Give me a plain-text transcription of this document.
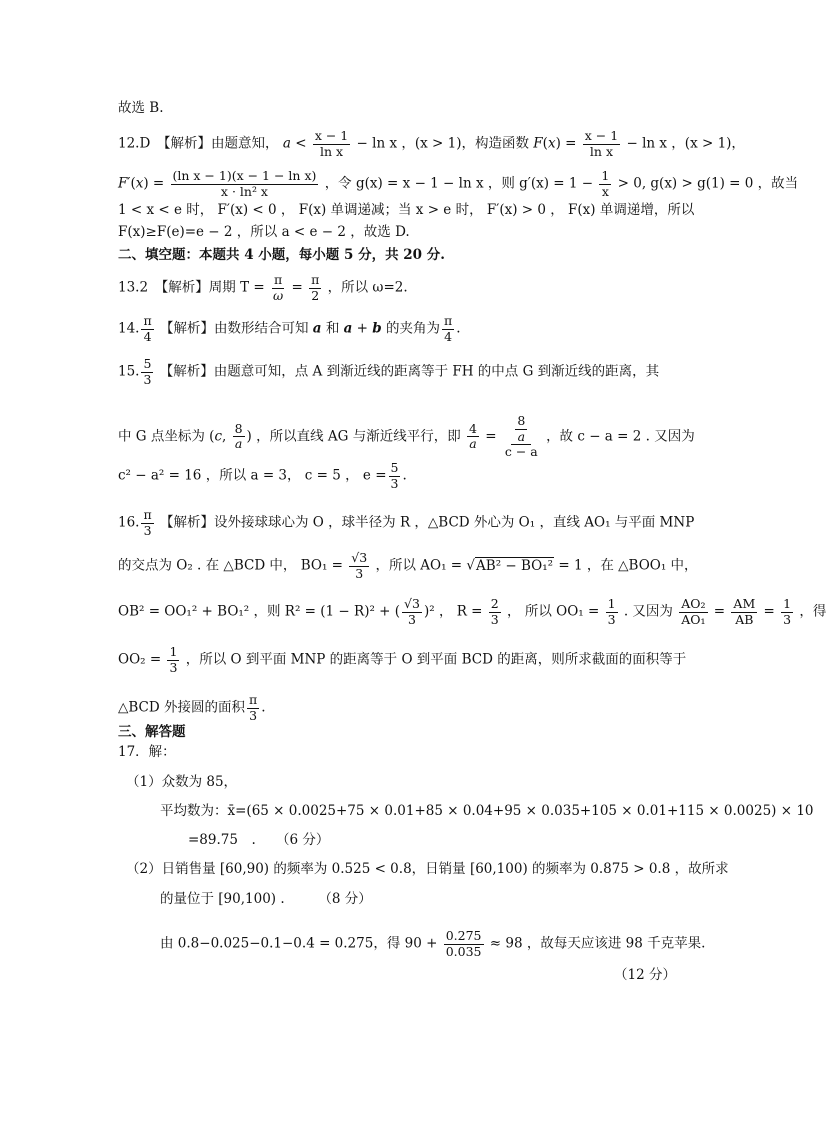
故选 B.
12.D　【解析】由题意知， $a < \frac{x - 1}{\text{ln x}} - \ln x$ ，(x > 1)，构造函数 $F(x) = \frac{x - 1}{\text{ln x}} - \ln x$ ，(x > 1)，
$F'(x) = \frac{\text{(ln x − 1)(x − 1 − ln x)}}{\text{x · ln² x}}$ ，令 g(x) = x − 1 − ln x ，则 $g'(x) = 1 - \frac{1}{x} > 0$, g(x) > g(1) = 0 ，故当
1 < x < e 时， F′(x) < 0 ， F(x) 单调递减；当 x > e 时， F′(x) > 0 ， F(x) 单调递增，所以
F(x)≥F(e)=e − 2 ，所以 a < e − 2 ，故选 D.
二、填空题：本题共 4 小题，每小题 5 分，共 20 分.
13.2　【解析】周期 $T = \frac{\pi}{\omega} = \frac{\pi}{2}$ ，所以 ω=2.
14. $\frac{\pi}{4}$ 【解析】由数形结合可知 a 和 a + b 的夹角为 $\frac{\pi}{4}$ .
15. $\frac{5}{3}$ 【解析】由题意可知，点 A 到渐近线的距离等于 FH 的中点 G 到渐近线的距离，其
中 G 点坐标为 (c, $\frac{8}{a}$ ) ，所以直线 AG 与渐近线平行，即 $\frac{4}{a} = \frac{\frac{8}{a}}{c - a}$ ，故 c − a = 2 . 又因为
c² − a² = 16 ，所以 a = 3， c = 5 ， $e = \frac{5}{3}$ .
16. $\frac{\pi}{3}$ 【解析】设外接球球心为 O ，球半径为 R ，△BCD 外心为 O₁ ，直线 AO₁ 与平面 MNP
的交点为 O₂ . 在 △BCD 中， $BO_1 = \frac{√3}{3}$ ，所以 AO₁ = √AB² − BO₁² = 1 ，在 △BOO₁ 中，
OB² = OO₁² + BO₁² ，则 R² = (1 − R)² + ( $\frac{√3}{3} )^2$ ， $R = \frac{2}{3}$ ， 所以 $OO_1 = \frac{1}{3}$ . 又因为 $\frac{\text{AO₂}}{\text{AO₁}} = \frac{AM}{AB} = \frac{1}{3}$ ，得
$OO_2 = \frac{1}{3}$ ，所以 O 到平面 MNP 的距离等于 O 到平面 BCD 的距离，则所求截面的面积等于
△BCD 外接圆的面积 $\frac{\pi}{3}$ .
三、解答题
17．解：
（1）众数为 85，
平均数为：x̄=(65 × 0.0025+75 × 0.01+85 × 0.04+95 × 0.035+105 × 0.01+115 × 0.0025) × 10
=89.75　.　　（6 分）
（2）日销售量 [60,90) 的频率为 0.525 < 0.8，日销量 [60,100) 的频率为 0.875 > 0.8 ，故所求
的量位于 [90,100) .　　　（8 分）
由 0.8−0.025−0.1−0.4 = 0.275，得 $90 + \frac{0.275}{0.035} \approx 98$ ，故每天应该进 98 千克苹果.
（12 分）
